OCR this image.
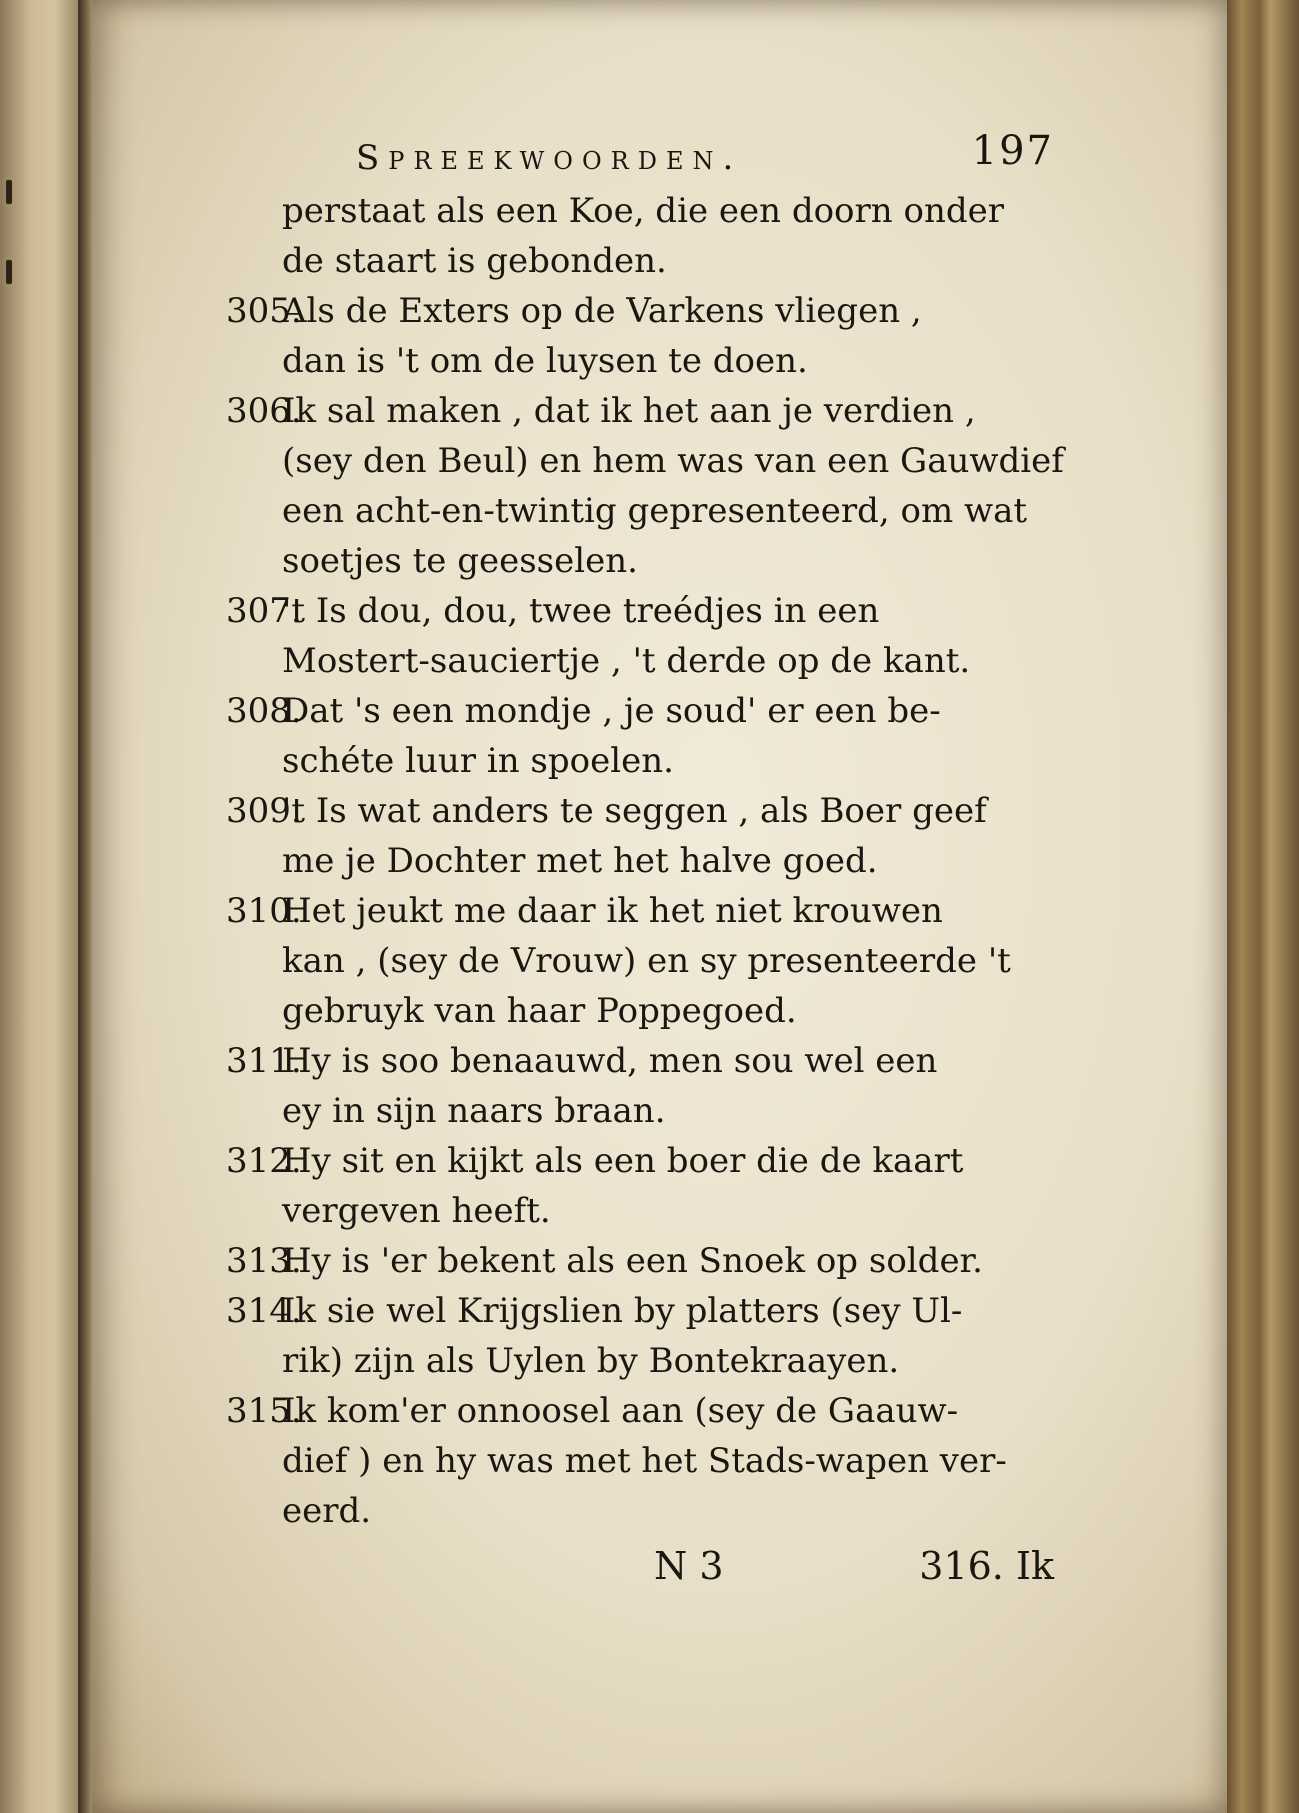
Spreekwoorden.	197
perstaat als een Koe, die een doorn onder
de staart is gebonden.
305.
Als de Exters op de Varkens vliegen ,
dan is 't om de luysen te doen.
306.
Ik sal maken , dat ik het aan je verdien ,
(sey den Beul) en hem was van een Gauwdief
een acht-en-twintig gepresenteerd, om wat
soetjes te geesselen.
307.
't Is dou, dou, twee treédjes in een
Mostert-sauciertje , 't derde op de kant.
308.
Dat 's een mondje , je soud' er een be-
schéte luur in spoelen.
309.
't Is wat anders te seggen , als Boer geef
me je Dochter met het halve goed.
310.
Het jeukt me daar ik het niet krouwen
kan , (sey de Vrouw) en sy presenteerde 't
gebruyk van haar Poppegoed.
311.
Hy is soo benaauwd, men sou wel een
ey in sijn naars braan.
312.
Hy sit en kijkt als een boer die de kaart
vergeven heeft.
313.
Hy is 'er bekent als een Snoek op solder.
314.
Ik sie wel Krijgslien by platters (sey Ul-
rik) zijn als Uylen by Bontekraayen.
315.
Ik kom'er onnoosel aan (sey de Gaauw-
dief ) en hy was met het Stads-wapen ver-
eerd.
N 3	316. Ik
